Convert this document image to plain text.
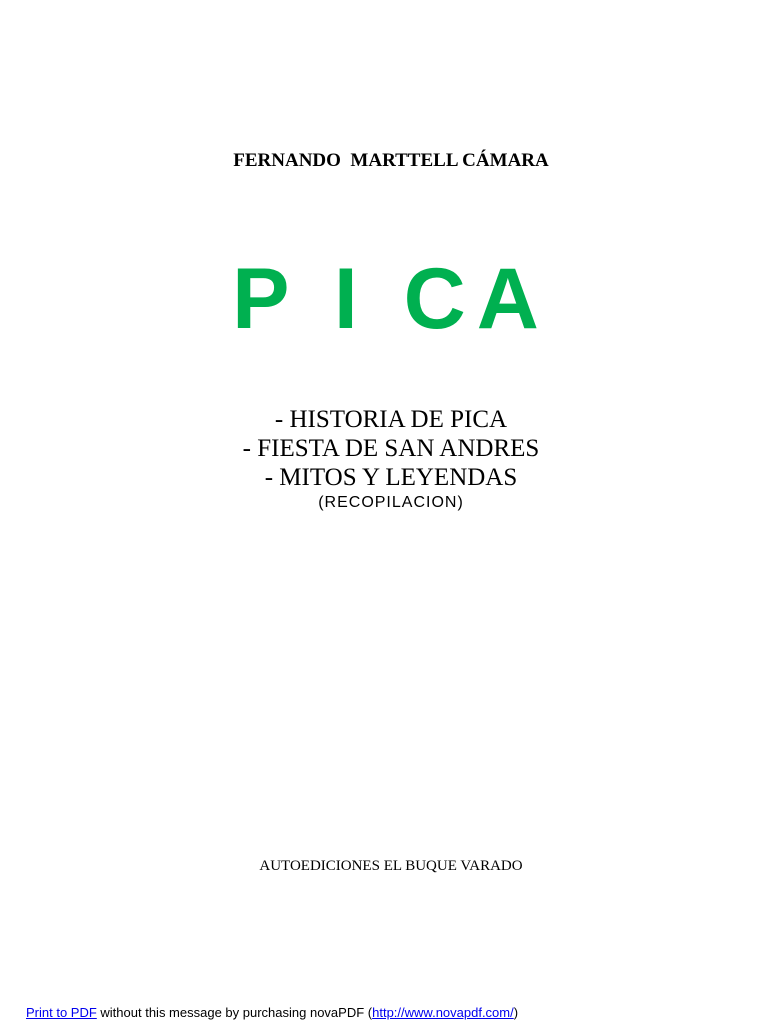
FERNANDO  MARTTELL CÁMARA
P I CA
- HISTORIA DE PICA
- FIESTA DE SAN ANDRES
- MITOS Y LEYENDAS
(RECOPILACION)
AUTOEDICIONES EL BUQUE VARADO
Print to PDF without this message by purchasing novaPDF (http://www.novapdf.com/)
